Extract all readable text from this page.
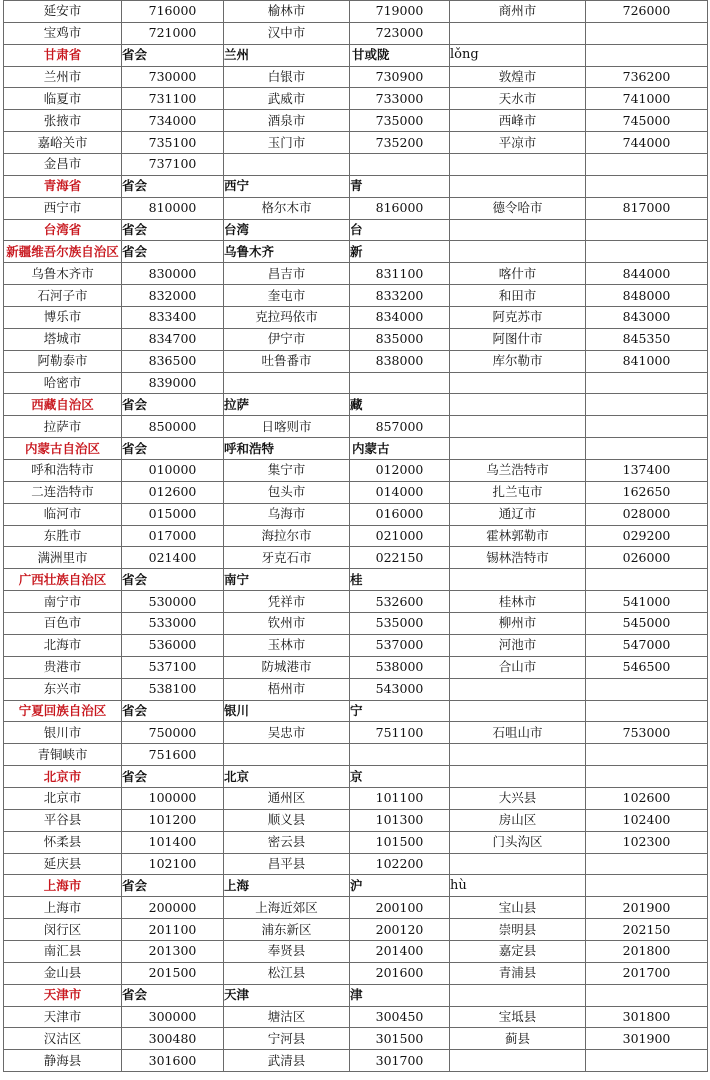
延安市	716000	榆林市	719000	商州市	726000
宝鸡市	721000	汉中市	723000		
甘肃省	省会	兰州	甘或陇	lǒng	
兰州市	730000	白银市	730900	敦煌市	736200
临夏市	731100	武威市	733000	天水市	741000
张掖市	734000	酒泉市	735000	西峰市	745000
嘉峪关市	735100	玉门市	735200	平凉市	744000
金昌市	737100				
青海省	省会	西宁	青		
西宁市	810000	格尔木市	816000	德令哈市	817000
台湾省	省会	台湾	台		
新疆维吾尔族自治区	省会	乌鲁木齐	新		
乌鲁木齐市	830000	昌吉市	831100	喀什市	844000
石河子市	832000	奎屯市	833200	和田市	848000
博乐市	833400	克拉玛依市	834000	阿克苏市	843000
塔城市	834700	伊宁市	835000	阿图什市	845350
阿勒泰市	836500	吐鲁番市	838000	库尔勒市	841000
哈密市	839000				
西藏自治区	省会	拉萨	藏		
拉萨市	850000	日喀则市	857000		
内蒙古自治区	省会	呼和浩特	内蒙古		
呼和浩特市	010000	集宁市	012000	乌兰浩特市	137400
二连浩特市	012600	包头市	014000	扎兰屯市	162650
临河市	015000	乌海市	016000	通辽市	028000
东胜市	017000	海拉尔市	021000	霍林郭勒市	029200
满洲里市	021400	牙克石市	022150	锡林浩特市	026000
广西壮族自治区	省会	南宁	桂		
南宁市	530000	凭祥市	532600	桂林市	541000
百色市	533000	钦州市	535000	柳州市	545000
北海市	536000	玉林市	537000	河池市	547000
贵港市	537100	防城港市	538000	合山市	546500
东兴市	538100	梧州市	543000		
宁夏回族自治区	省会	银川	宁		
银川市	750000	吴忠市	751100	石咀山市	753000
青铜峡市	751600				
北京市	省会	北京	京		
北京市	100000	通州区	101100	大兴县	102600
平谷县	101200	顺义县	101300	房山区	102400
怀柔县	101400	密云县	101500	门头沟区	102300
延庆县	102100	昌平县	102200		
上海市	省会	上海	沪	hù	
上海市	200000	上海近郊区	200100	宝山县	201900
闵行区	201100	浦东新区	200120	崇明县	202150
南汇县	201300	奉贤县	201400	嘉定县	201800
金山县	201500	松江县	201600	青浦县	201700
天津市	省会	天津	津		
天津市	300000	塘沽区	300450	宝坻县	301800
汉沽区	300480	宁河县	301500	蓟县	301900
静海县	301600	武清县	301700		
